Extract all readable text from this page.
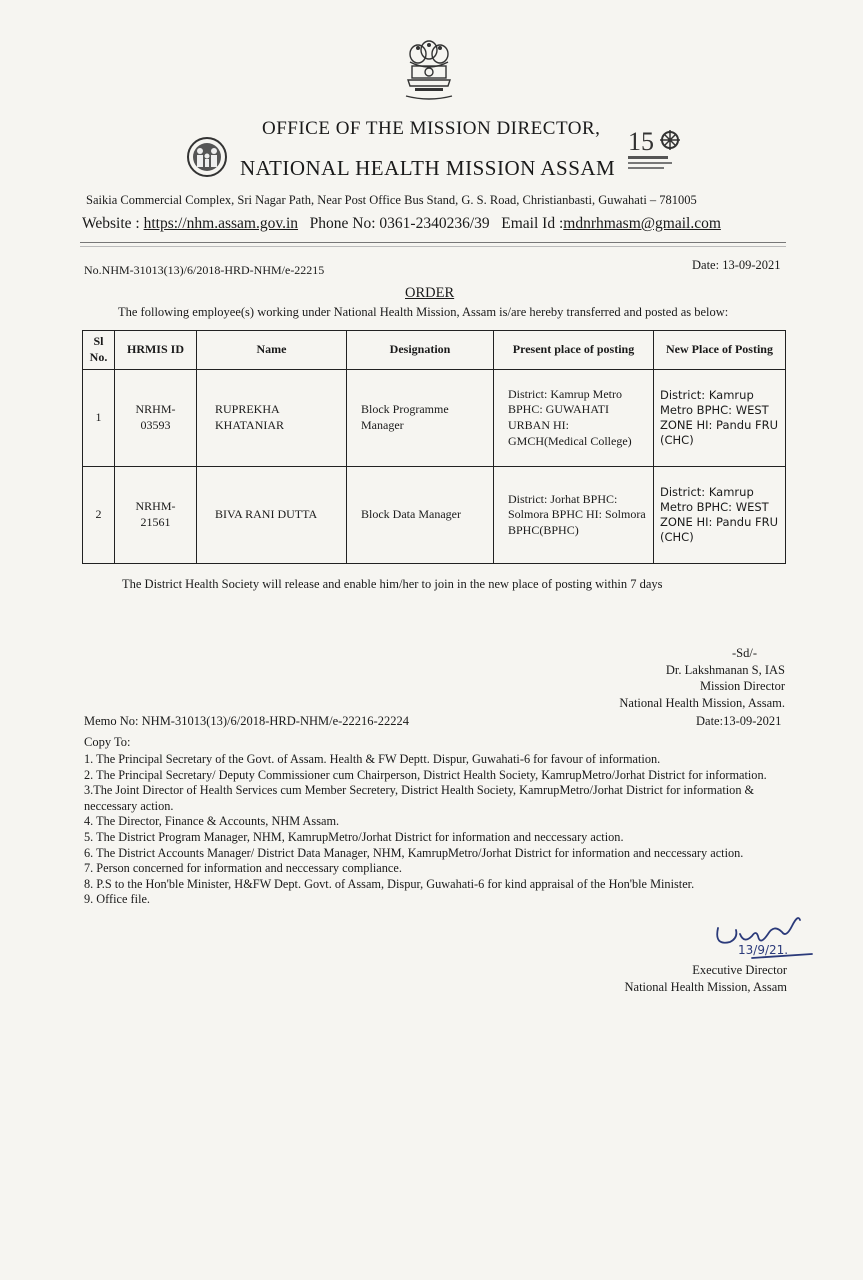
15
OFFICE OF THE MISSION DIRECTOR,
NATIONAL HEALTH MISSION ASSAM
Saikia Commercial Complex, Sri Nagar Path, Near Post Office Bus Stand, G. S. Road, Christianbasti, Guwahati – 781005
Website : https://nhm.assam.gov.in Phone No: 0361-2340236/39 Email Id :mdnrhmasm@gmail.com
No.NHM-31013(13)/6/2018-HRD-NHM/e-22215	Date: 13-09-2021
ORDER
The following employee(s) working under National Health Mission, Assam is/are hereby transferred and posted as below:
Sl No.	HRMIS ID	Name	Designation	Present place of posting	New Place of Posting
1	NRHM-03593	RUPREKHA KHATANIAR	Block Programme Manager	District: Kamrup Metro BPHC: GUWAHATI URBAN HI: GMCH(Medical College)	District: Kamrup Metro BPHC: WEST ZONE HI: Pandu FRU (CHC)
2	NRHM-21561	BIVA RANI DUTTA	Block Data Manager	District: Jorhat BPHC: Solmora BPHC HI: Solmora BPHC(BPHC)	District: Kamrup Metro BPHC: WEST ZONE HI: Pandu FRU (CHC)
The District Health Society will release and enable him/her to join in the new place of posting within 7 days
-Sd/-
Dr. Lakshmanan S, IAS
Mission Director
National Health Mission, Assam.
Memo No: NHM-31013(13)/6/2018-HRD-NHM/e-22216-22224	Date:13-09-2021
Copy To:
1. The Principal Secretary of the Govt. of Assam. Health & FW Deptt. Dispur, Guwahati-6 for favour of information.
2. The Principal Secretary/ Deputy Commissioner cum Chairperson, District Health Society, KamrupMetro/Jorhat District for information.
3.The Joint Director of Health Services cum Member Secretery, District Health Society, KamrupMetro/Jorhat District for information & neccessary action.
4. The Director, Finance & Accounts, NHM Assam.
5. The District Program Manager, NHM, KamrupMetro/Jorhat District for information and neccessary action.
6. The District Accounts Manager/ District Data Manager, NHM, KamrupMetro/Jorhat District for information and neccessary action.
7. Person concerned for information and neccessary compliance.
8. P.S to the Hon'ble Minister, H&FW Dept. Govt. of Assam, Dispur, Guwahati-6 for kind appraisal of the Hon'ble Minister.
9. Office file.
13/9/21.
Executive Director
National Health Mission, Assam
